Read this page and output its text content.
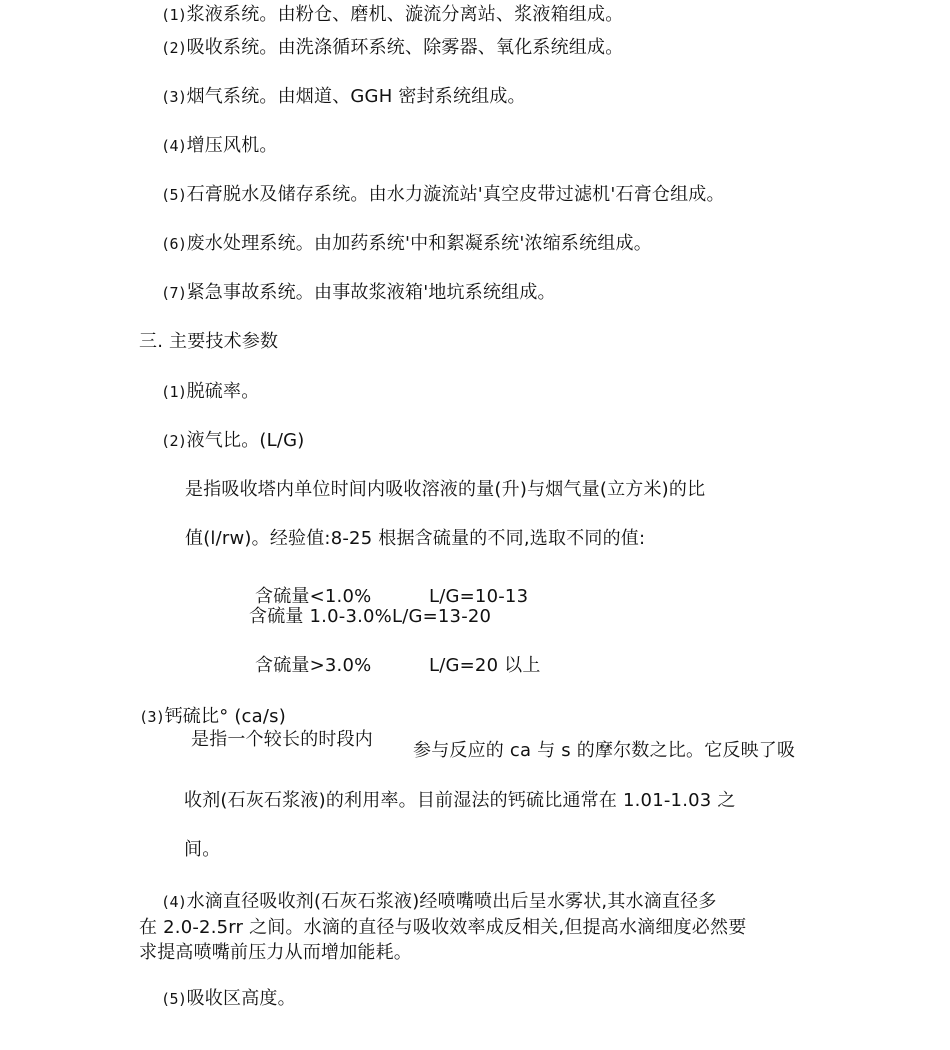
(1)浆液系统。由粉仓、磨机、漩流分离站、浆液箱组成。
(2)吸收系统。由洗涤循环系统、除雾器、氧化系统组成。
(3)烟气系统。由烟道、GGH 密封系统组成。
(4)增压风机。
(5)石膏脱水及储存系统。由水力漩流站'真空皮带过滤机'石膏仓组成。
(6)废水处理系统。由加药系统'中和絮凝系统'浓缩系统组成。
(7)紧急事故系统。由事故浆液箱'地坑系统组成。
三. 主要技术参数
(1)脱硫率。
(2)液气比。(L/G)
是指吸收塔内单位时间内吸收溶液的量(升)与烟气量(立方米)的比
值(l/rw)。经验值:8-25 根据含硫量的不同,选取不同的值:
含硫量<1.0%	L/G=10-13
含硫量 1.0-3.0%L/G=13-20
含硫量>3.0%	L/G=20 以上
(3)钙硫比° (ca/s)
是指一个较长的时段内
参与反应的 ca 与 s 的摩尔数之比。它反映了吸
收剂(石灰石浆液)的利用率。目前湿法的钙硫比通常在 1.01-1.03 之
间。
(4)水滴直径吸收剂(石灰石浆液)经喷嘴喷出后呈水雾状,其水滴直径多
在 2.0-2.5rr 之间。水滴的直径与吸收效率成反相关,但提高水滴细度必然要
求提高喷嘴前压力从而增加能耗。
(5)吸收区高度。
